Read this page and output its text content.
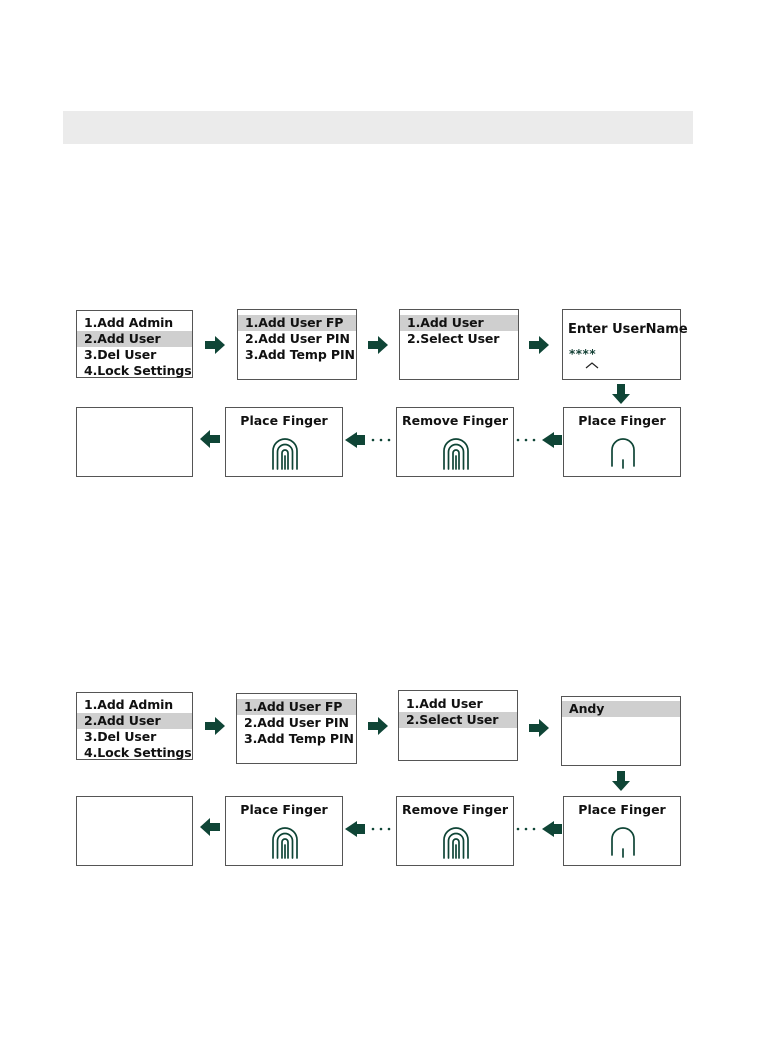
1.Add Admin
2.Add User
3.Del User
4.Lock Settings
1.Add User FP
2.Add User PIN
3.Add Temp PIN
1.Add User
2.Select User
Enter UserName
****
Place Finger	Remove Finger	Place Finger
1.Add Admin
2.Add User
3.Del User
4.Lock Settings
1.Add User FP
2.Add User PIN
3.Add Temp PIN
1.Add User
2.Select User
Andy
Place Finger	Remove Finger	Place Finger
